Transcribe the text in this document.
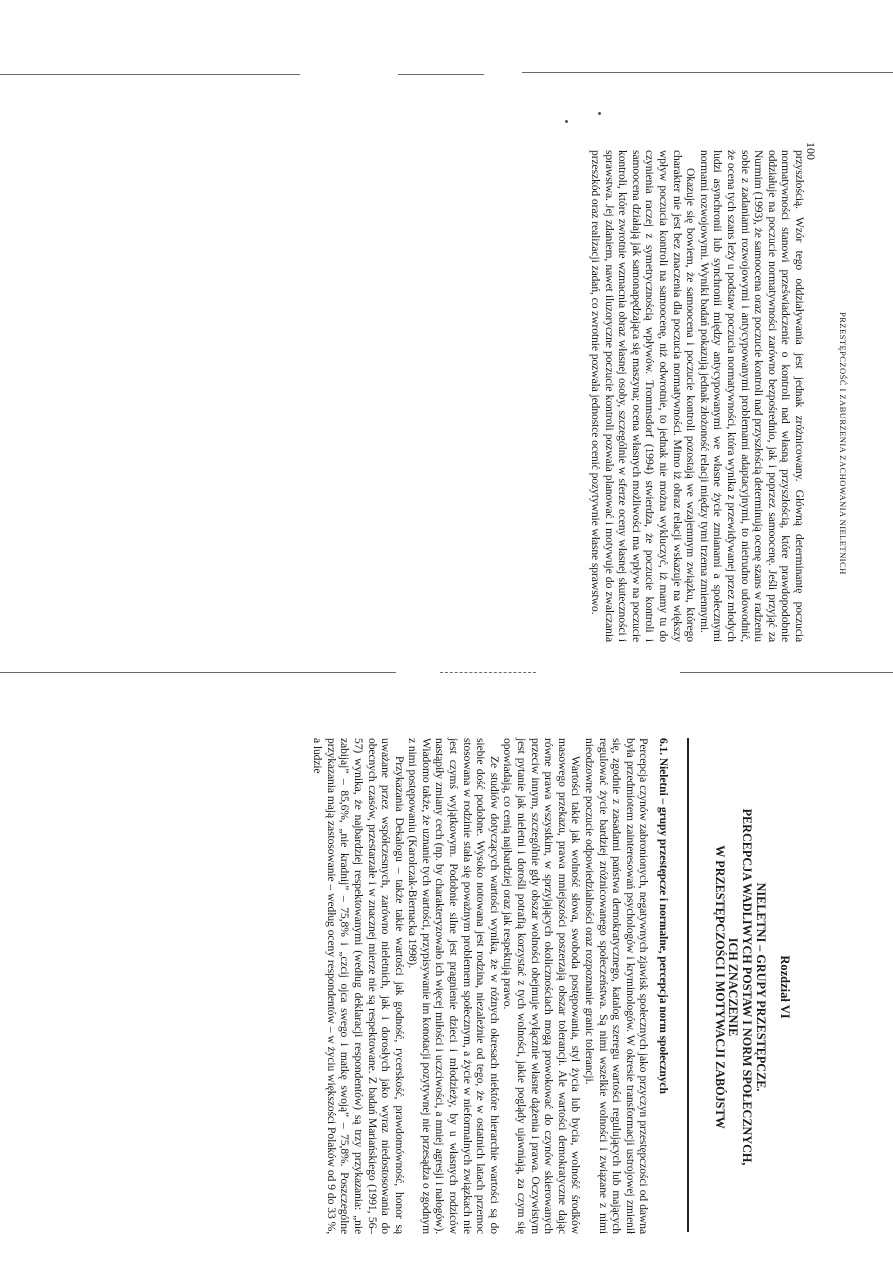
100
PRZESTĘPCZOŚĆ I ZABURZENIA ZACHOWANIA NIELETNICH

przyszłością. Wzór tego oddziaływania jest jednak zróżnicowany. Główną determinantę poczucia normatywności stanowi przeświadczenie o kontroli nad własną przyszłością, które prawdopodobnie oddziałuje na poczucie normatywności zarówno bezpośrednio, jak i poprzez samoocenę. Jeśli przyjąć za Nurmim (1993), że samoocena oraz poczucie kontroli nad przyszłością determinują ocenę szans w radzeniu sobie z zadaniami rozwojowymi i antycypowanymi problemami adaptacyjnymi, to nietrudno udowodnić, że ocena tych szans leży u podstaw poczucia normatywności, która wynika z przewidywanej przez młodych ludzi asynchronii lub synchronii między antycypowanymi we własne życie zmianami a społecznymi normami rozwojowymi. Wyniki badań pokazują jednak złożoność relacji między tymi trzema zmiennymi.

Okazuje się bowiem, że samoocena i poczucie kontroli pozostają we wzajemnym związku, którego charakter nie jest bez znaczenia dla poczucia normatywności. Mimo iż obraz relacji wskazuje na większy wpływ poczucia kontroli na samoocenę, niż odwrotnie, to jednak nie można wykluczyć, iż mamy tu do czynienia raczej z symetrycznością wpływów. Trommsdorf (1994) stwierdza, że poczucie kontroli i samoocena działają jak samonapędzająca się maszyna; ocena własnych możliwości ma wpływ na poczucie kontroli, które zwrotnie wzmacnia obraz własnej osoby, szczególnie w sferze oceny własnej skuteczności i sprawstwa. Jej zdaniem, nawet iluzoryczne poczucie kontroli pozwala planować i motywuje do zwalczania przeszkód oraz realizacji zadań, co zwrotnie pozwala jednostce ocenić pozytywnie własne sprawstwo.

Rozdział VI
NIELETNI – GRUPY PRZESTĘPCZE.
PERCEPCJA WADLIWYCH POSTAW I NORM SPOŁECZNYCH,
ICH ZNACZENIE
W PRZESTĘPCZOŚCI I MOTYWACJI ZABÓJSTW
6.1. Nieletni – grupy przestępcze i normalne, percepcja norm społecznych

Percepcja czynów zabronionych, negatywnych zjawisk społecznych jako przyczyn przestępczości od dawna była przedmiotem zainteresowań psychologów i kryminologów. W okresie transformacji ustrojowej zmienił się, zgodnie z zasadami państwa demokratycznego, katalog szeregu wartości regulujących lub mających regulować życie bardziej zróżnicowanego społeczeństwa. Są nimi wszelkie wolności i związane z nimi nieodzowne poczucie odpowiedzialności oraz rozpoznanie granic tolerancji.

Wartości takie jak wolność słowa, swoboda postępowania, styl życia lub bycia, wolność środków masowego przekazu, prawa mniejszości poszerzają obszar tolerancji. Ale wartości demokratyczne dając równe prawa wszystkim, w sprzyjających okolicznościach mogą prowokować do czynów skierowanych przeciw innym, szczególnie gdy obszar wolności obejmuje wyłącznie własne dążenia i prawa. Oczywistym jest pytanie jak nieletni i dorośli potrafią korzystać z tych wolności, jakie poglądy ujawniają, za czym się opowiadają, co cenią najbardziej oraz jak respektują prawo.

Ze studiów dotyczących wartości wynika, że w różnych okresach niektóre hierarchie wartości są do siebie dość podobne. Wysoko notowana jest rodzina, niezależnie od tego, że w ostatnich latach przemoc stosowana w rodzinie stała się poważnym problemem społecznym, a życie w nieformalnych związkach nie jest czymś wyjątkowym. Podobnie silne jest pragnienie dzieci i młodzieży, by u własnych rodziców nastąpiły zmiany cech (np. by charakteryzowało ich więcej miłości i uczciwości, a mniej agresji i nałogów). Wiadomo także, że uznanie tych wartości, przypisywanie im konotacji pozytywnej nie przesądza o zgodnym z nimi postępowaniu (Karolczak-Biernacka 1998).

Przykazania Dekalogu – także takie wartości jak godność, rycerskość, prawdomówność, honor są uważane przez współczesnych, zarówno nieletnich, jak i dorosłych jako wyraz niedostosowania do obecnych czasów, przestarzałe i w znacznej mierze nie są respektowane. Z badań Mariańskiego (1991, 56–57) wynika, że najbardziej respektowanymi (według deklaracji respondentów) są trzy przykazania: „nie zabijaj” – 85,6%, „nie kradnij” – 75,8% i „czcij ojca swego i matkę swoją” – 75,8%. Poszczególne przykazania mają zastosowanie – według oceny respondentów – w życiu większości Polaków od 9 do 33 %, a ludzie
